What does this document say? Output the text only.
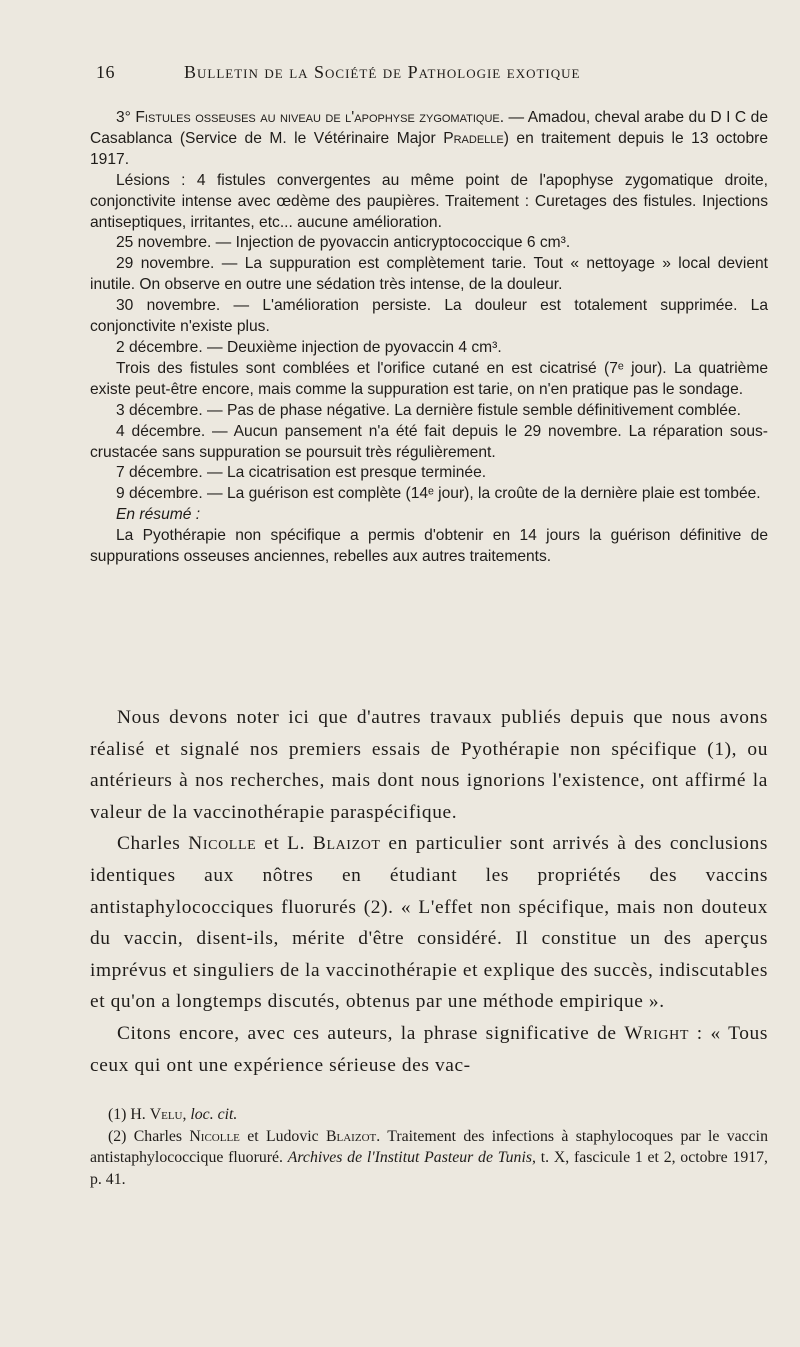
16	Bulletin de la Société de Pathologie exotique

3° Fistules osseuses au niveau de l'apophyse zygomatique. — Amadou, cheval arabe du D I C de Casablanca (Service de M. le Vétérinaire Major Pradelle) en traitement depuis le 13 octobre 1917.

Lésions : 4 fistules convergentes au même point de l'apophyse zygomatique droite, conjonctivite intense avec œdème des paupières. Traitement : Curetages des fistules. Injections antiseptiques, irritantes, etc... aucune amélioration.

25 novembre. — Injection de pyovaccin anticryptococcique 6 cm³.

29 novembre. — La suppuration est complètement tarie. Tout « nettoyage » local devient inutile. On observe en outre une sédation très intense, de la douleur.

30 novembre. — L'amélioration persiste. La douleur est totalement supprimée. La conjonctivite n'existe plus.

2 décembre. — Deuxième injection de pyovaccin 4 cm³.

Trois des fistules sont comblées et l'orifice cutané en est cicatrisé (7ᵉ jour). La quatrième existe peut-être encore, mais comme la suppuration est tarie, on n'en pratique pas le sondage.

3 décembre. — Pas de phase négative. La dernière fistule semble définitivement comblée.

4 décembre. — Aucun pansement n'a été fait depuis le 29 novembre. La réparation sous-crustacée sans suppuration se poursuit très régulièrement.

7 décembre. — La cicatrisation est presque terminée.

9 décembre. — La guérison est complète (14ᵉ jour), la croûte de la dernière plaie est tombée.

En résumé :

La Pyothérapie non spécifique a permis d'obtenir en 14 jours la guérison définitive de suppurations osseuses anciennes, rebelles aux autres traitements.

Nous devons noter ici que d'autres travaux publiés depuis que nous avons réalisé et signalé nos premiers essais de Pyothérapie non spécifique (1), ou antérieurs à nos recherches, mais dont nous ignorions l'existence, ont affirmé la valeur de la vaccinothérapie paraspécifique.

Charles Nicolle et L. Blaizot en particulier sont arrivés à des conclusions identiques aux nôtres en étudiant les propriétés des vaccins antistaphylococciques fluorurés (2). « L'effet non spécifique, mais non douteux du vaccin, disent-ils, mérite d'être considéré. Il constitue un des aperçus imprévus et singuliers de la vaccinothérapie et explique des succès, indiscutables et qu'on a longtemps discutés, obtenus par une méthode empirique ».

Citons encore, avec ces auteurs, la phrase significative de Wright : « Tous ceux qui ont une expérience sérieuse des vac-

(1) H. Velu, loc. cit.

(2) Charles Nicolle et Ludovic Blaizot. Traitement des infections à staphylocoques par le vaccin antistaphylococcique fluoruré. Archives de l'Institut Pasteur de Tunis, t. X, fascicule 1 et 2, octobre 1917, p. 41.
